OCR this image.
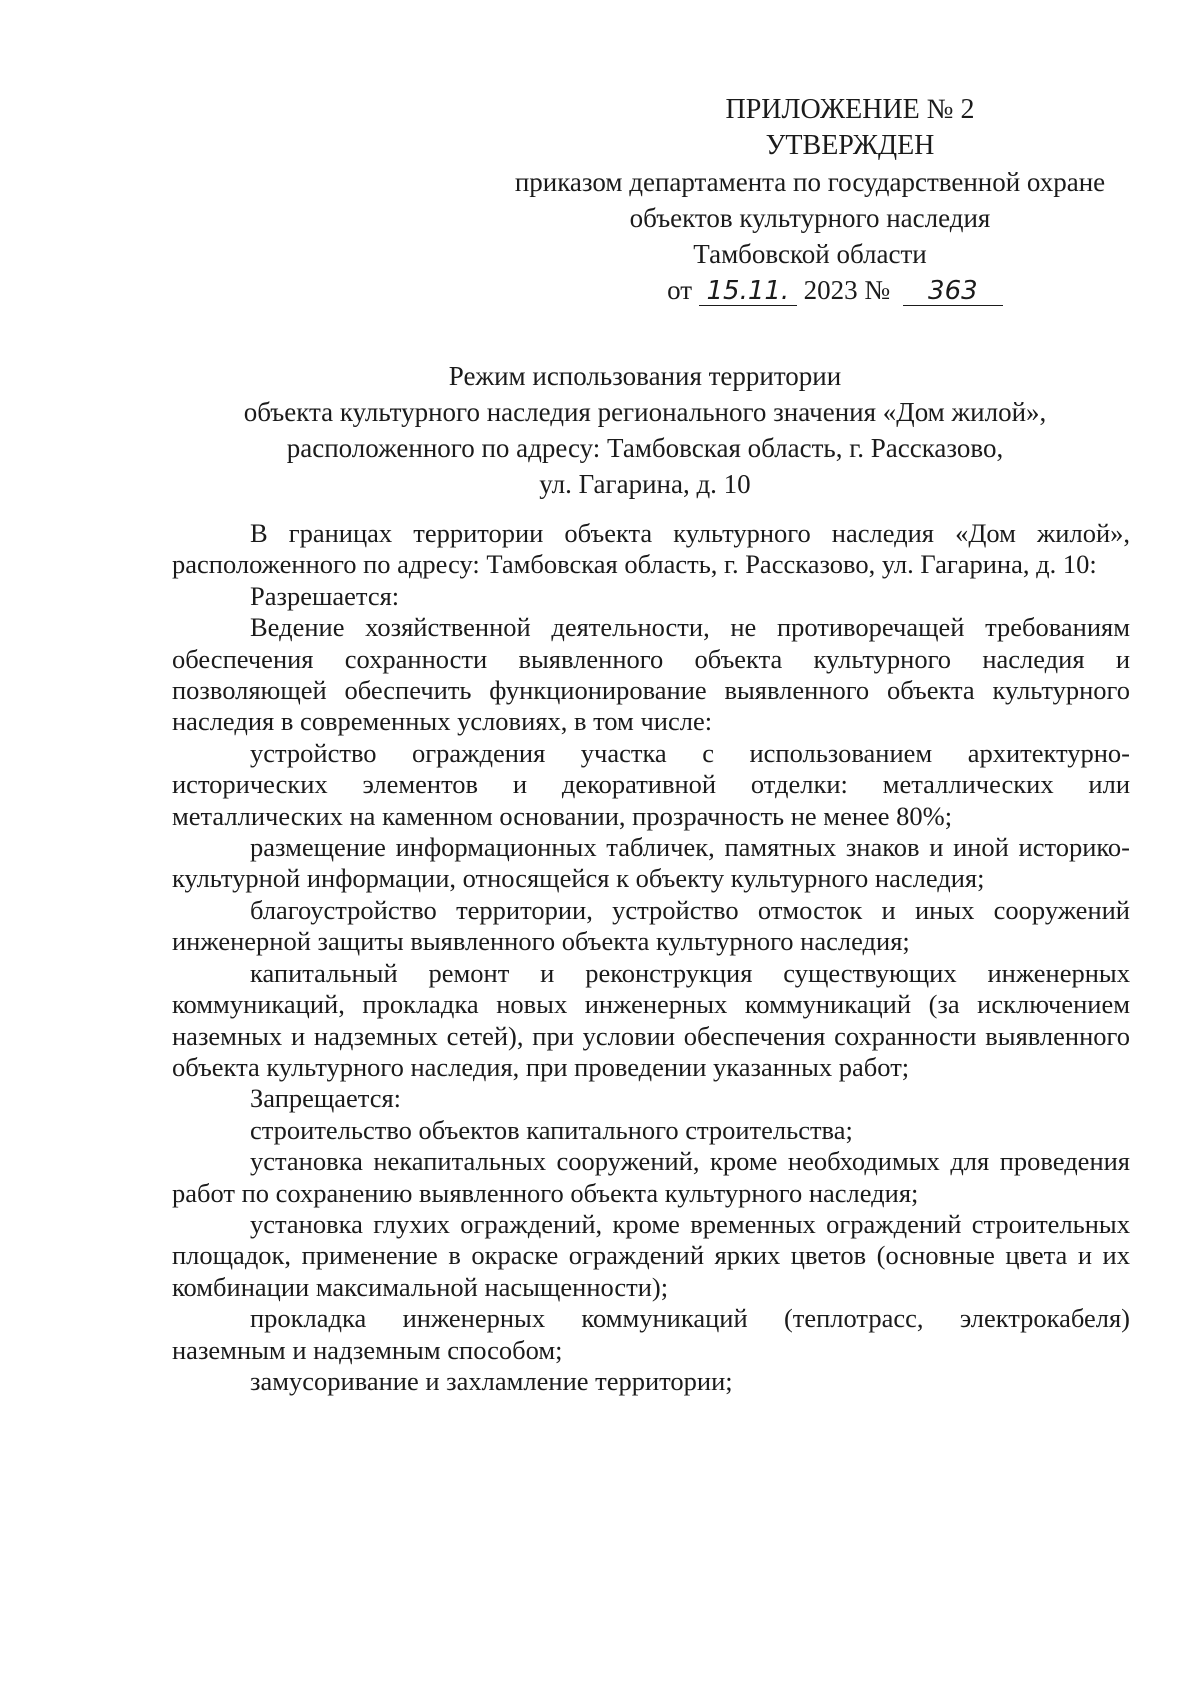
ПРИЛОЖЕНИЕ № 2
УТВЕРЖДЕН
приказом департамента по государственной охране
объектов культурного наследия
Тамбовской области
от 15.11. 2023 № 363
Режим использования территории
объекта культурного наследия регионального значения «Дом жилой»,
расположенного по адресу: Тамбовская область, г. Рассказово,
ул. Гагарина, д. 10

В границах территории объекта культурного наследия «Дом жилой», расположенного по адресу: Тамбовская область, г. Рассказово, ул. Гагарина, д. 10:

Разрешается:

Ведение хозяйственной деятельности, не противоречащей требованиям обеспечения сохранности выявленного объекта культурного наследия и позволяющей обеспечить функционирование выявленного объекта культурного наследия в современных условиях, в том числе:

устройство ограждения участка с использованием архитектурно-исторических элементов и декоративной отделки: металлических или металлических на каменном основании, прозрачность не менее 80%;

размещение информационных табличек, памятных знаков и иной историко-культурной информации, относящейся к объекту культурного наследия;

благоустройство территории, устройство отмосток и иных сооружений инженерной защиты выявленного объекта культурного наследия;

капитальный ремонт и реконструкция существующих инженерных коммуникаций, прокладка новых инженерных коммуникаций (за исключением наземных и надземных сетей), при условии обеспечения сохранности выявленного объекта культурного наследия, при проведении указанных работ;

Запрещается:

строительство объектов капитального строительства;

установка некапитальных сооружений, кроме необходимых для проведения работ по сохранению выявленного объекта культурного наследия;

установка глухих ограждений, кроме временных ограждений строительных площадок, применение в окраске ограждений ярких цветов (основные цвета и их комбинации максимальной насыщенности);

прокладка инженерных коммуникаций (теплотрасс, электрокабеля) наземным и надземным способом;

замусоривание и захламление территории;
